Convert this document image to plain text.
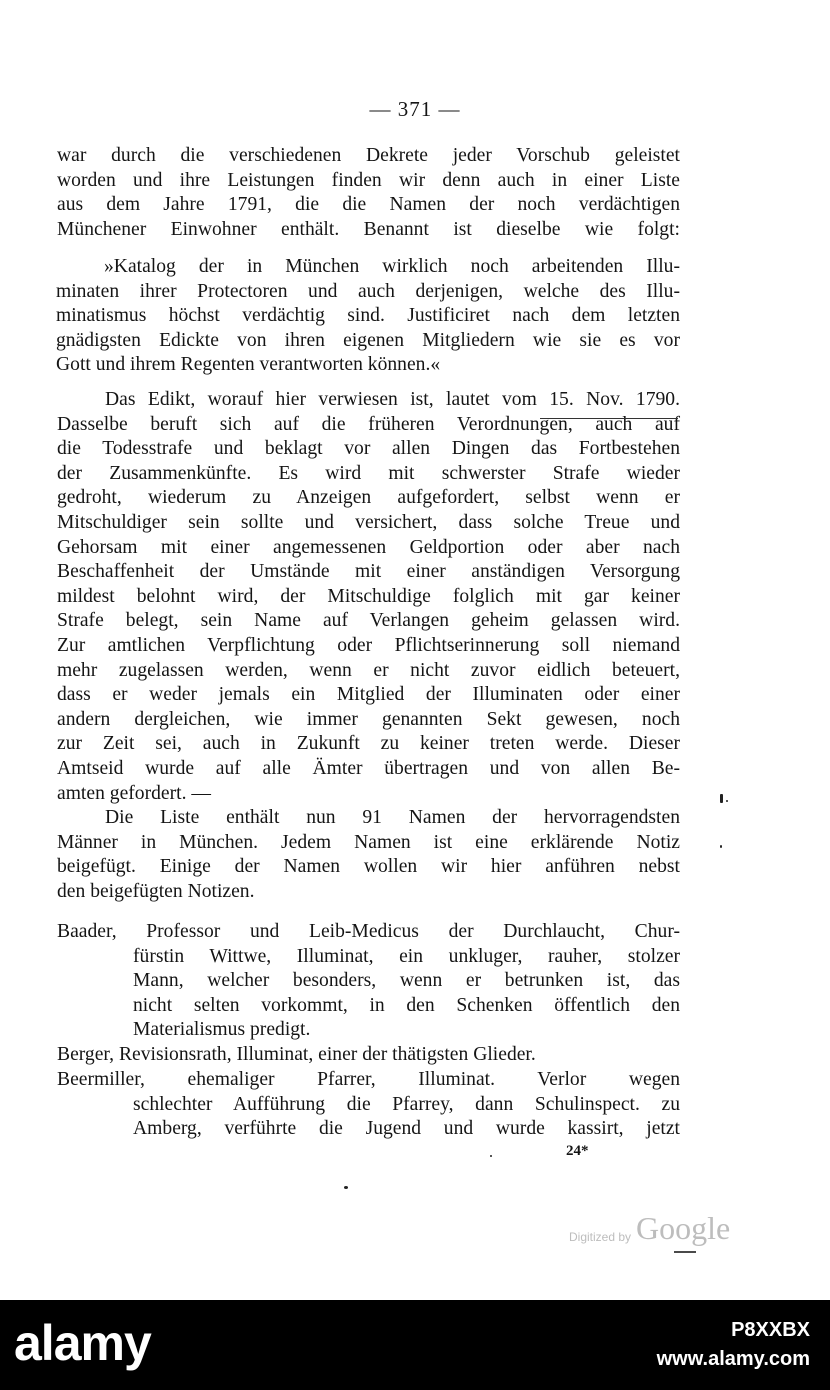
— 371 —
war durch die verschiedenen Dekrete jeder Vorschub geleistet
worden und ihre Leistungen finden wir denn auch in einer Liste
aus dem Jahre 1791, die die Namen der noch verdächtigen
Münchener Einwohner enthält. Benannt ist dieselbe wie folgt:
»Katalog der in München wirklich noch arbeitenden Illu-
minaten ihrer Protectoren und auch derjenigen, welche des Illu-
minatismus höchst verdächtig sind. Justificiret nach dem letzten
gnädigsten Edickte von ihren eigenen Mitgliedern wie sie es vor
Gott und ihrem Regenten verantworten können.«
Das Edikt, worauf hier verwiesen ist, lautet vom 15. Nov. 1790.
Dasselbe beruft sich auf die früheren Verordnungen, auch auf
die Todesstrafe und beklagt vor allen Dingen das Fortbestehen
der Zusammenkünfte. Es wird mit schwerster Strafe wieder
gedroht, wiederum zu Anzeigen aufgefordert, selbst wenn er
Mitschuldiger sein sollte und versichert, dass solche Treue und
Gehorsam mit einer angemessenen Geldportion oder aber nach
Beschaffenheit der Umstände mit einer anständigen Versorgung
mildest belohnt wird, der Mitschuldige folglich mit gar keiner
Strafe belegt, sein Name auf Verlangen geheim gelassen wird.
Zur amtlichen Verpflichtung oder Pflichtserinnerung soll niemand
mehr zugelassen werden, wenn er nicht zuvor eidlich beteuert,
dass er weder jemals ein Mitglied der Illuminaten oder einer
andern dergleichen, wie immer genannten Sekt gewesen, noch
zur Zeit sei, auch in Zukunft zu keiner treten werde. Dieser
Amtseid wurde auf alle Ämter übertragen und von allen Be-
amten gefordert. —
Die Liste enthält nun 91 Namen der hervorragendsten
Männer in München. Jedem Namen ist eine erklärende Notiz
beigefügt. Einige der Namen wollen wir hier anführen nebst
den beigefügten Notizen.
Baader, Professor und Leib-Medicus der Durchlaucht, Chur-
fürstin Wittwe, Illuminat, ein unkluger, rauher, stolzer
Mann, welcher besonders, wenn er betrunken ist, das
nicht selten vorkommt, in den Schenken öffentlich den
Materialismus predigt.
Berger, Revisionsrath, Illuminat, einer der thätigsten Glieder.
Beermiller, ehemaliger Pfarrer, Illuminat. Verlor wegen
schlechter Aufführung die Pfarrey, dann Schulinspect. zu
Amberg, verführte die Jugend und wurde kassirt, jetzt
24*
Digitized by Google
alamy	P8XXBX
www.alamy.com
